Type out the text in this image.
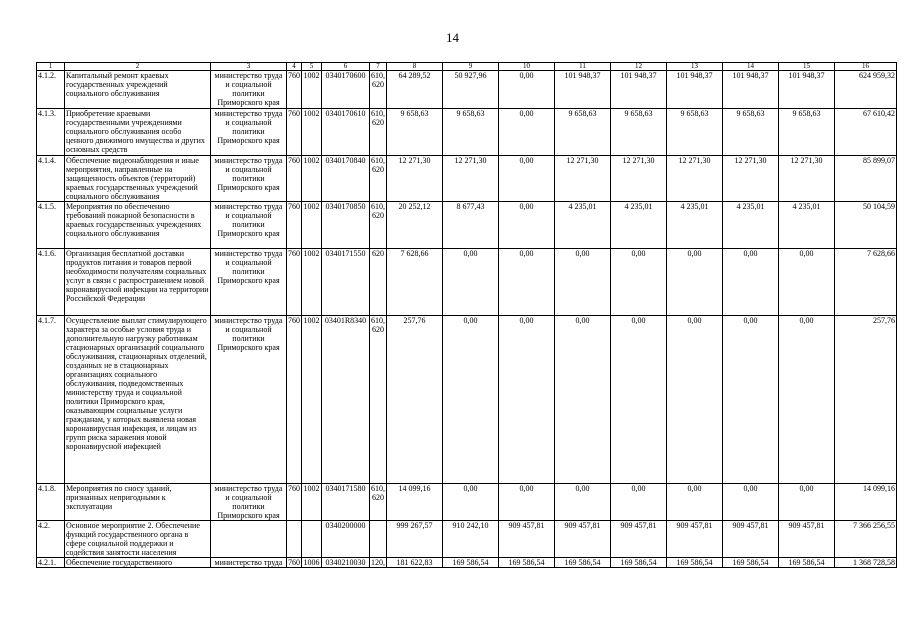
14
1	2	3	4	5	6	7	8	9	10	11	12	13	14	15	16
4.1.2.	Капитальный ремонт краевых государственных учреждений социального обслуживания	министерство труда и социальной политики Приморского края	760	1002	0340170600	610, 620	64 289,52	50 927,96	0,00	101 948,37	101 948,37	101 948,37	101 948,37	101 948,37	624 959,32
4.1.3.	Приобретение краевыми государственными учреждениями социального обслуживания особо ценного движимого имущества и других основных средств	министерство труда и социальной политики Приморского края	760	1002	0340170610	610, 620	9 658,63	9 658,63	0,00	9 658,63	9 658,63	9 658,63	9 658,63	9 658,63	67 610,42
4.1.4.	Обеспечение видеонаблюдения и иные мероприятия, направленные на защищенность объектов (территорий) краевых государственных учреждений социального обслуживания	министерство труда и социальной политики Приморского края	760	1002	0340170840	610, 620	12 271,30	12 271,30	0,00	12 271,30	12 271,30	12 271,30	12 271,30	12 271,30	85 899,07
4.1.5.	Мероприятия по обеспечению требований пожарной безопасности в краевых государственных учреждениях социального обслуживания	министерство труда и социальной политики Приморского края	760	1002	0340170850	610, 620	20 252,12	8 677,43	0,00	4 235,01	4 235,01	4 235,01	4 235,01	4 235,01	50 104,59
4.1.6.	Организация бесплатной доставки продуктов питания и товаров первой необходимости получателям социальных услуг в связи с распространением новой коронавирусной инфекции на территории Российской Федерации	министерство труда и социальной политики Приморского края	760	1002	0340171550	620	7 628,66	0,00	0,00	0,00	0,00	0,00	0,00	0,00	7 628,66
4.1.7.	Осуществление выплат стимулирующего характера за особые условия труда и дополнительную нагрузку работникам стационарных организаций социального обслуживания, стационарных отделений, созданных не в стационарных организациях социального обслуживания, подведомственных министерству труда и социальной политики Приморского края, оказывающим социальные услуги гражданам, у которых выявлена новая коронавирусная инфекция, и лицам из групп риска заражения новой коронавирусной инфекцией	министерство труда и социальной политики Приморского края	760	1002	03401R8340	610, 620	257,76	0,00	0,00	0,00	0,00	0,00	0,00	0,00	257,76
4.1.8.	Мероприятия по сносу зданий, признанных непригодными к эксплуатации	министерство труда и социальной политики Приморского края	760	1002	0340171580	610, 620	14 099,16	0,00	0,00	0,00	0,00	0,00	0,00	0,00	14 099,16
4.2.	Основное мероприятие 2. Обеспечение функций государственного органа в сфере социальной поддержки и содействия занятости населения				0340200000		999 267,57	910 242,10	909 457,81	909 457,81	909 457,81	909 457,81	909 457,81	909 457,81	7 366 256,55
4.2.1.	Обеспечение государственного	министерство труда	760	1006	0340210030	120,	181 622,83	169 586,54	169 586,54	169 586,54	169 586,54	169 586,54	169 586,54	169 586,54	1 368 728,58
